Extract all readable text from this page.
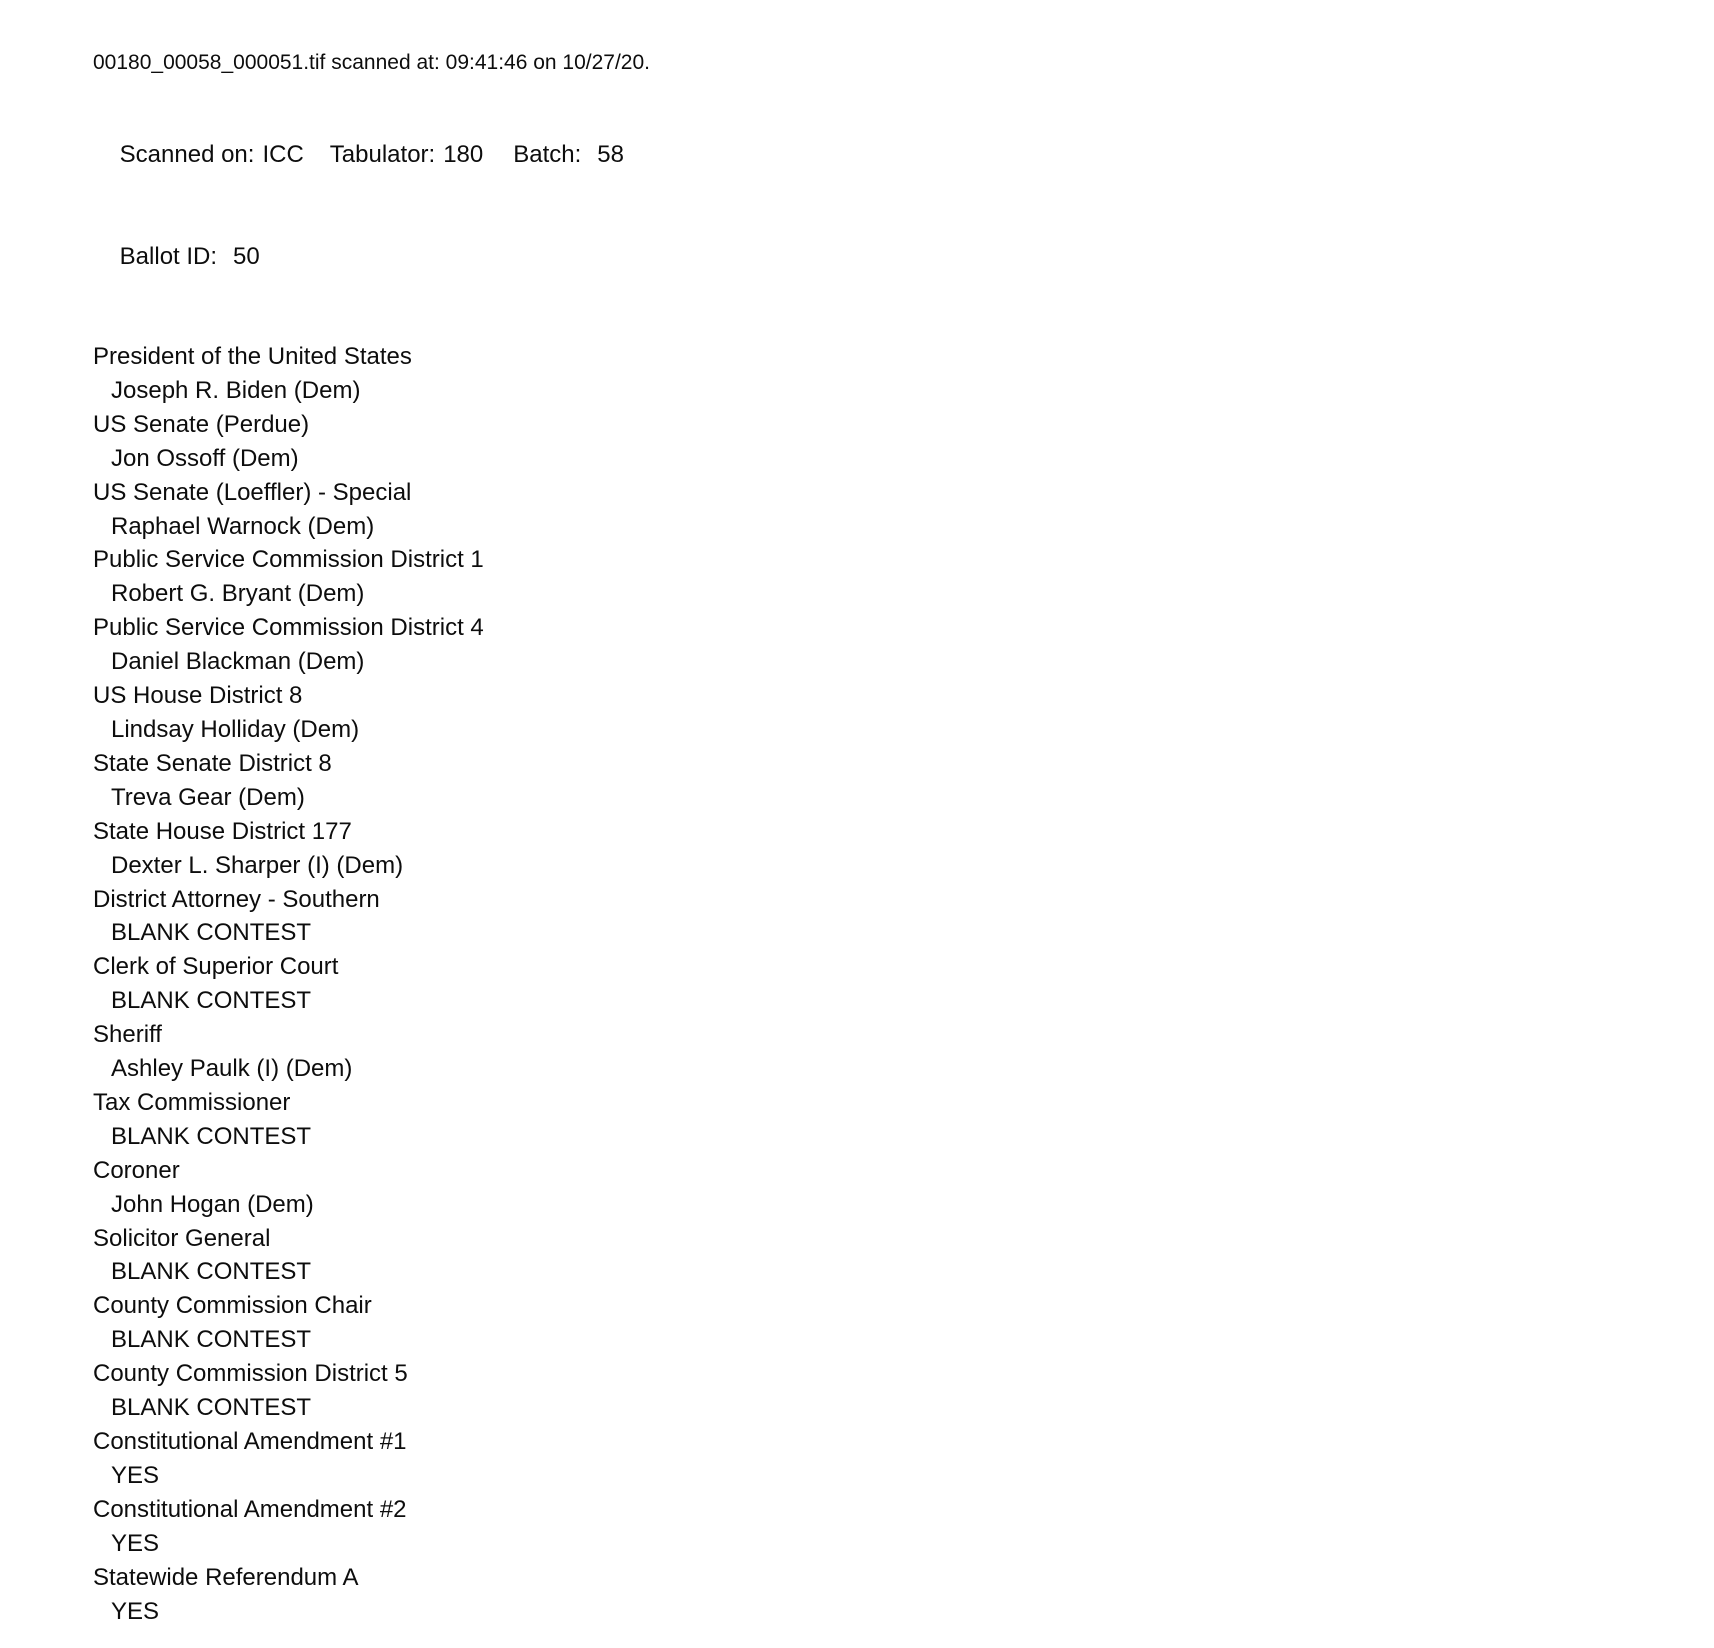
00180_00058_000051.tif scanned at: 09:41:46 on 10/27/20.

Scanned on: ICC Tabulator: 180 Batch: 58

Ballot ID: 50

President of the United States
Joseph R. Biden (Dem)
US Senate (Perdue)
Jon Ossoff (Dem)
US Senate (Loeffler) - Special
Raphael Warnock (Dem)
Public Service Commission District 1
Robert G. Bryant (Dem)
Public Service Commission District 4
Daniel Blackman (Dem)
US House District 8
Lindsay Holliday (Dem)
State Senate District 8
Treva Gear (Dem)
State House District 177
Dexter L. Sharper (I) (Dem)
District Attorney - Southern
BLANK CONTEST
Clerk of Superior Court
BLANK CONTEST
Sheriff
Ashley Paulk (I) (Dem)
Tax Commissioner
BLANK CONTEST
Coroner
John Hogan (Dem)
Solicitor General
BLANK CONTEST
County Commission Chair
BLANK CONTEST
County Commission District 5
BLANK CONTEST
Constitutional Amendment #1
YES
Constitutional Amendment #2
YES
Statewide Referendum A
YES
